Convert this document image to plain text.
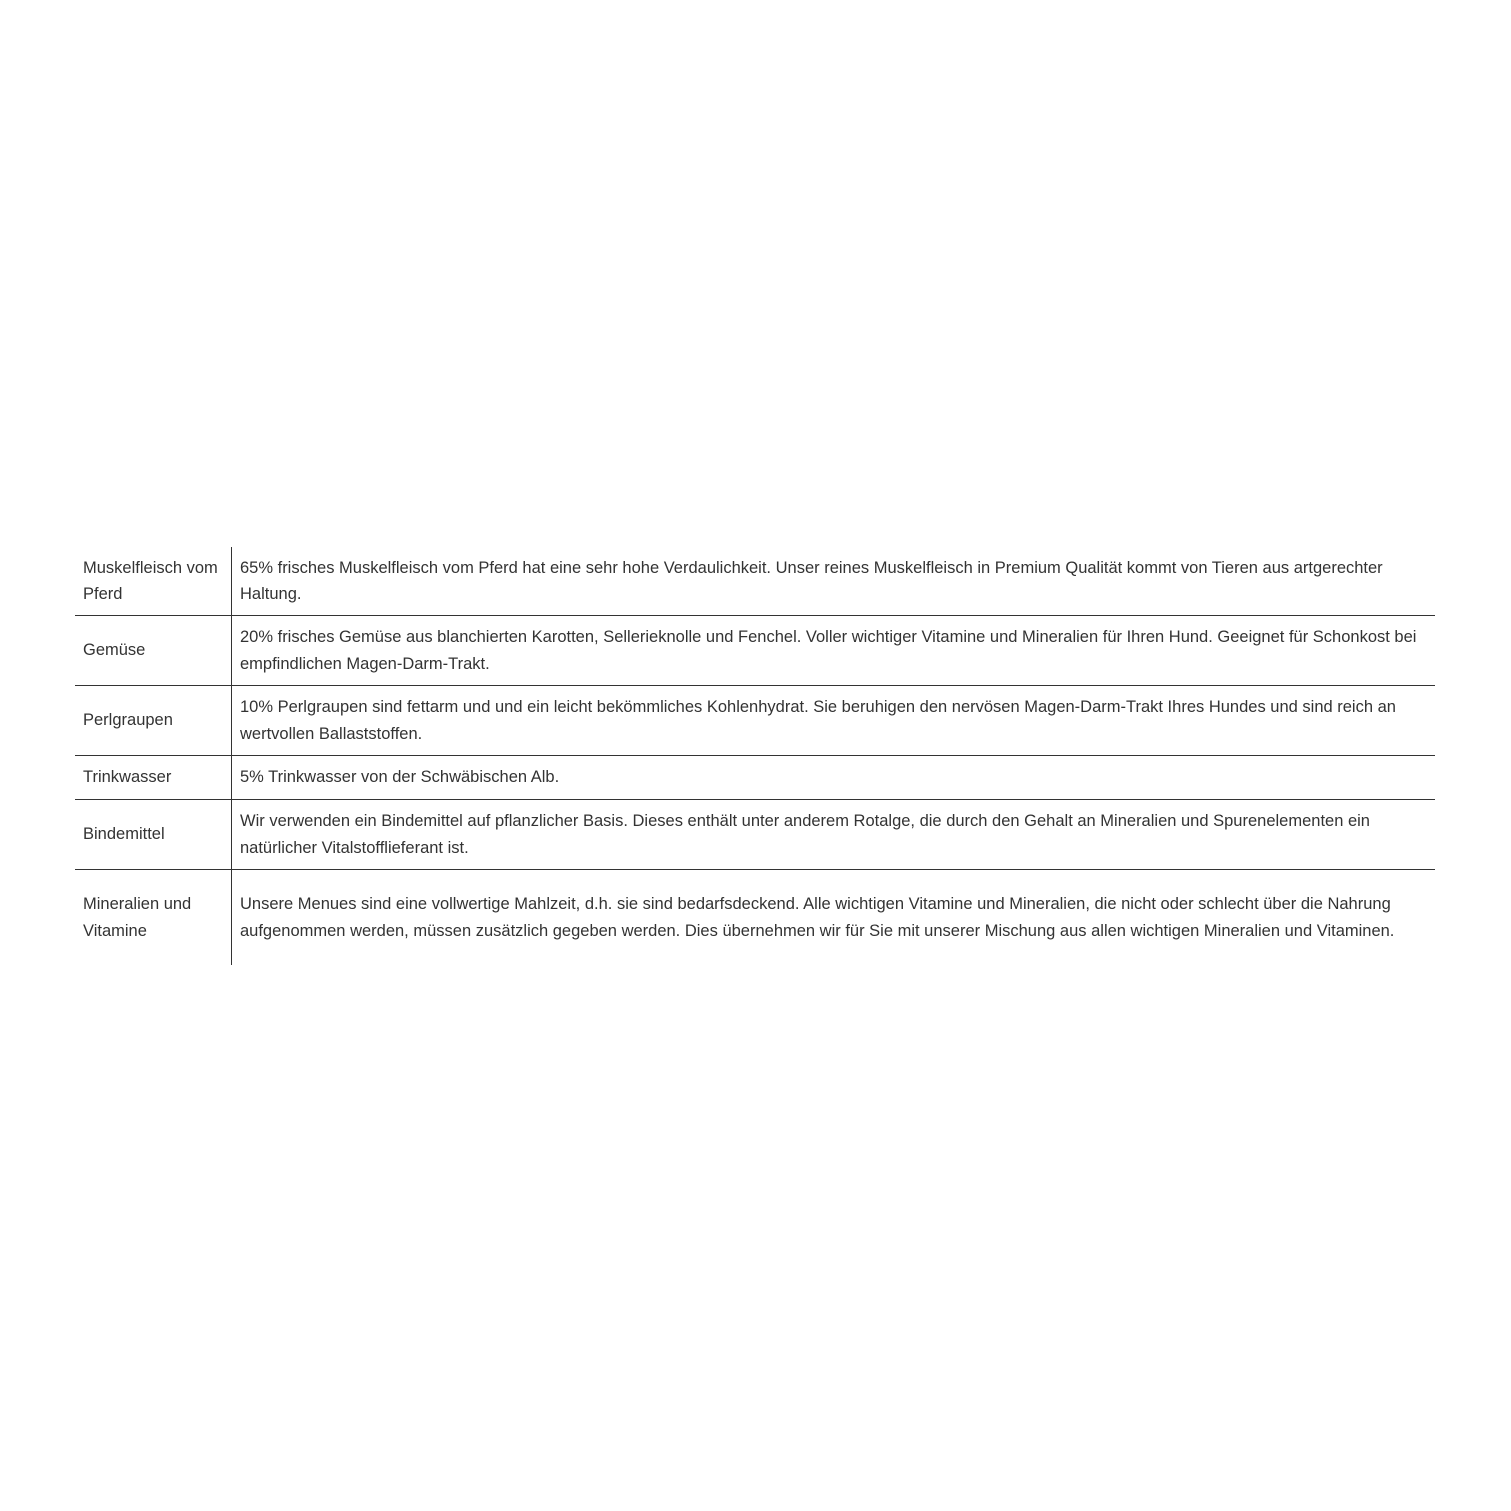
Muskelfleisch vom Pferd	65% frisches Muskelfleisch vom Pferd hat eine sehr hohe Verdaulichkeit. Unser reines Muskelfleisch in Premium Qualität kommt von Tieren aus artgerechter Haltung.
Gemüse	20% frisches Gemüse aus blanchierten Karotten, Sellerieknolle und Fenchel. Voller wichtiger Vitamine und Mineralien für Ihren Hund. Geeignet für Schonkost bei empfindlichen Magen-Darm-Trakt.
Perlgraupen	10% Perlgraupen sind fettarm und und ein leicht bekömmliches Kohlenhydrat. Sie beruhigen den nervösen Magen-Darm-Trakt Ihres Hundes und sind reich an wertvollen Ballaststoffen.
Trinkwasser	5% Trinkwasser von der Schwäbischen Alb.
Bindemittel	Wir verwenden ein Bindemittel auf pflanzlicher Basis. Dieses enthält unter anderem Rotalge, die durch den Gehalt an Mineralien und Spurenelementen ein natürlicher Vitalstofflieferant ist.
Mineralien und Vitamine	Unsere Menues sind eine vollwertige Mahlzeit, d.h. sie sind bedarfsdeckend. Alle wichtigen Vitamine und Mineralien, die nicht oder schlecht über die Nahrung aufgenommen werden, müssen zusätzlich gegeben werden. Dies übernehmen wir für Sie mit unserer Mischung aus allen wichtigen Mineralien und Vitaminen.
